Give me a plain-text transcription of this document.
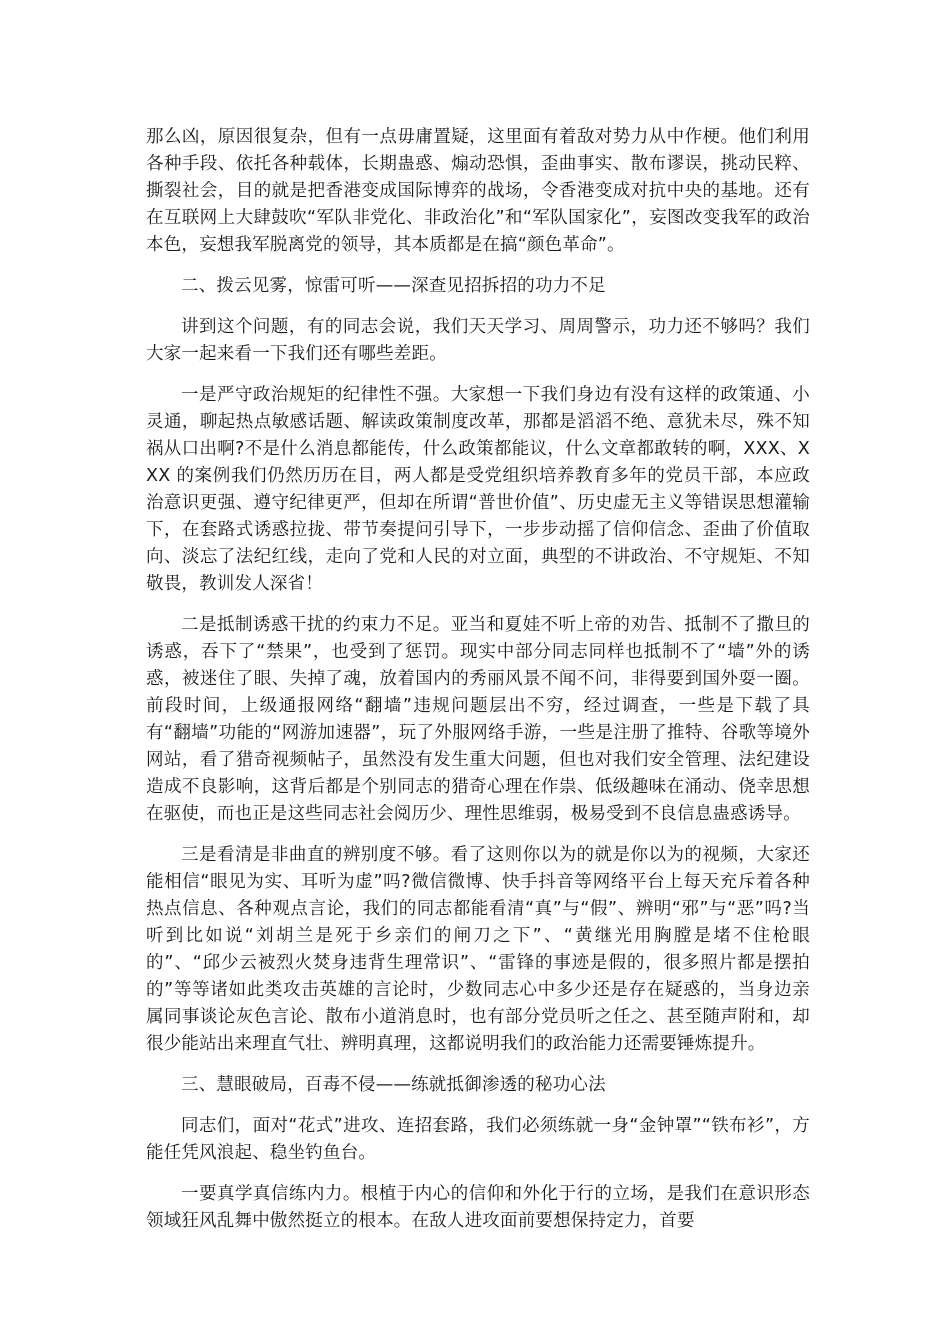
那么凶，原因很复杂，但有一点毋庸置疑，这里面有着敌对势力从中作梗。他们利用各种手段、依托各种载体，长期蛊惑、煽动恐惧，歪曲事实、散布谬误，挑动民粹、撕裂社会，目的就是把香港变成国际博弈的战场，令香港变成对抗中央的基地。还有在互联网上大肆鼓吹“军队非党化、非政治化”和“军队国家化”，妄图改变我军的政治本色，妄想我军脱离党的领导，其本质都是在搞“颜色革命”。

二、拨云见雾，惊雷可听——深查见招拆招的功力不足

讲到这个问题，有的同志会说，我们天天学习、周周警示，功力还不够吗？我们大家一起来看一下我们还有哪些差距。

一是严守政治规矩的纪律性不强。大家想一下我们身边有没有这样的政策通、小灵通，聊起热点敏感话题、解读政策制度改革，那都是滔滔不绝、意犹未尽，殊不知祸从口出啊?不是什么消息都能传，什么政策都能议，什么文章都敢转的啊，XXX、XXX 的案例我们仍然历历在目，两人都是受党组织培养教育多年的党员干部，本应政治意识更强、遵守纪律更严，但却在所谓“普世价值”、历史虚无主义等错误思想灌输下，在套路式诱惑拉拢、带节奏提问引导下，一步步动摇了信仰信念、歪曲了价值取向、淡忘了法纪红线，走向了党和人民的对立面，典型的不讲政治、不守规矩、不知敬畏，教训发人深省！

二是抵制诱惑干扰的约束力不足。亚当和夏娃不听上帝的劝告、抵制不了撒旦的诱惑，吞下了“禁果”，也受到了惩罚。现实中部分同志同样也抵制不了“墙”外的诱惑，被迷住了眼、失掉了魂，放着国内的秀丽风景不闻不问，非得要到国外耍一圈。前段时间，上级通报网络“翻墙”违规问题层出不穷，经过调查，一些是下载了具有“翻墙”功能的“网游加速器”，玩了外服网络手游，一些是注册了推特、谷歌等境外网站，看了猎奇视频帖子，虽然没有发生重大问题，但也对我们安全管理、法纪建设造成不良影响，这背后都是个别同志的猎奇心理在作祟、低级趣味在涌动、侥幸思想在驱使，而也正是这些同志社会阅历少、理性思维弱，极易受到不良信息蛊惑诱导。

三是看清是非曲直的辨别度不够。看了这则你以为的就是你以为的视频，大家还能相信“眼见为实、耳听为虚”吗?微信微博、快手抖音等网络平台上每天充斥着各种热点信息、各种观点言论，我们的同志都能看清“真”与“假”、辨明“邪”与“恶”吗?当听到比如说“刘胡兰是死于乡亲们的闸刀之下”、“黄继光用胸膛是堵不住枪眼的”、“邱少云被烈火焚身违背生理常识”、“雷锋的事迹是假的，很多照片都是摆拍的”等等诸如此类攻击英雄的言论时，少数同志心中多少还是存在疑惑的，当身边亲属同事谈论灰色言论、散布小道消息时，也有部分党员听之任之、甚至随声附和，却很少能站出来理直气壮、辨明真理，这都说明我们的政治能力还需要锤炼提升。

三、慧眼破局，百毒不侵——练就抵御渗透的秘功心法

同志们，面对“花式”进攻、连招套路，我们必须练就一身“金钟罩”“铁布衫”，方能任凭风浪起、稳坐钓鱼台。

一要真学真信练内力。根植于内心的信仰和外化于行的立场，是我们在意识形态领域狂风乱舞中傲然挺立的根本。在敌人进攻面前要想保持定力，首要
